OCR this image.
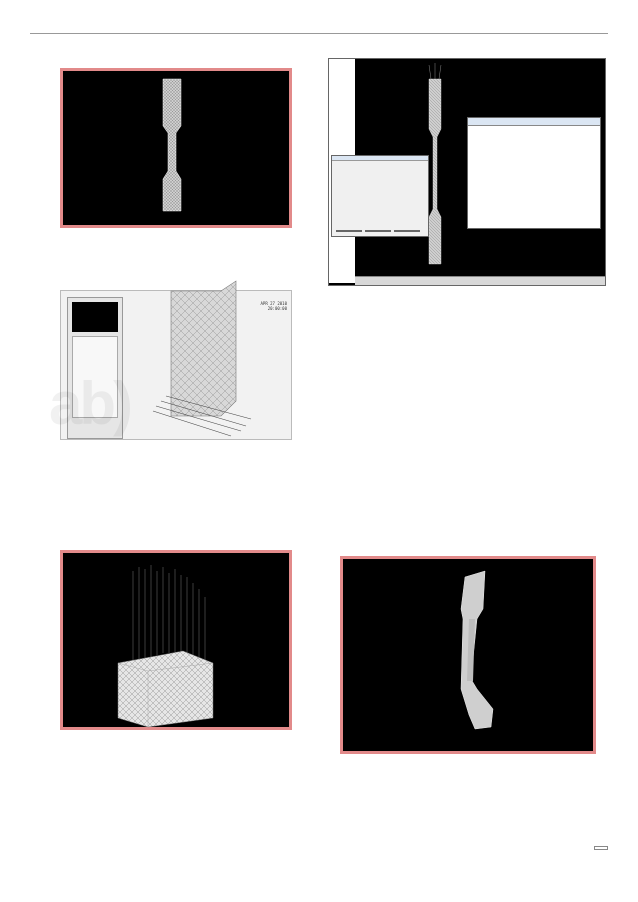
APR 27 2010
20:00:00
ab)
